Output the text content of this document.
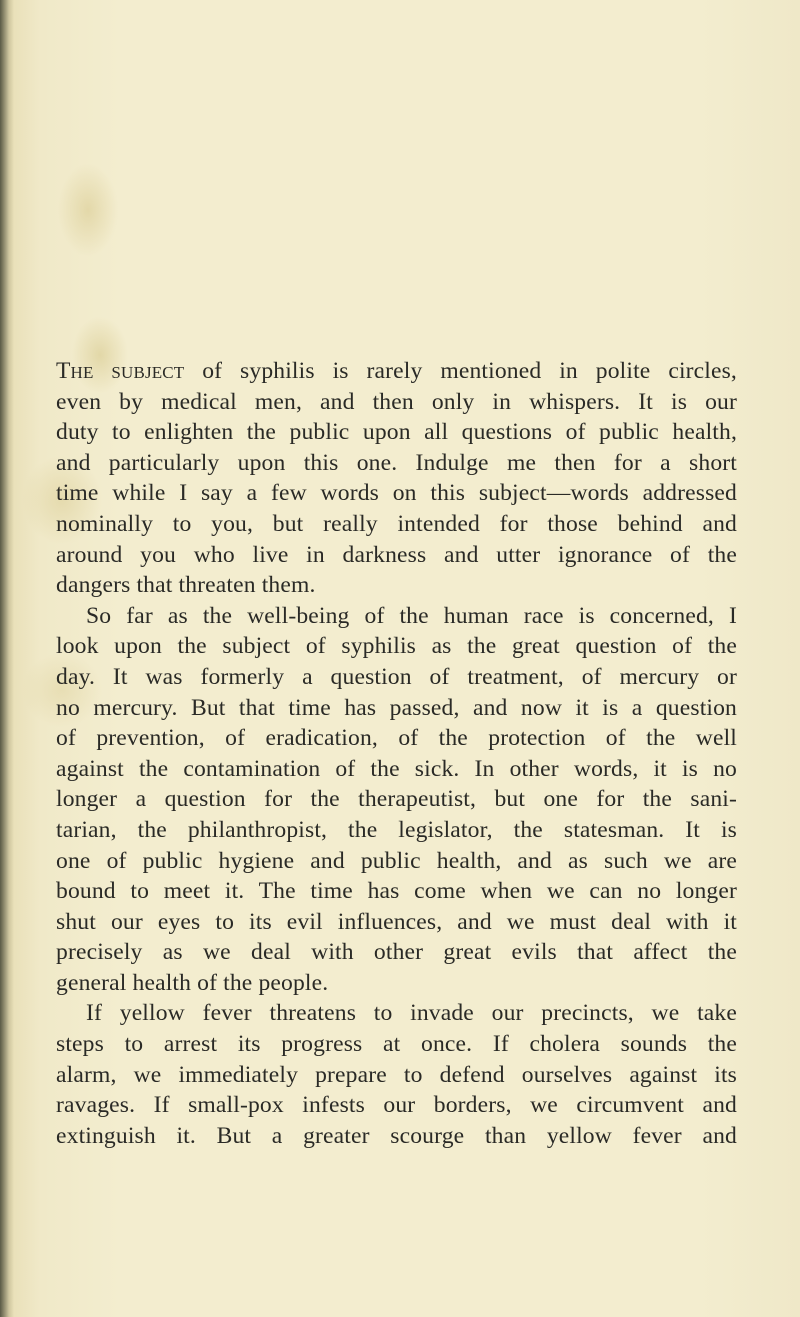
The subject of syphilis is rarely mentioned in polite circles,
even by medical men, and then only in whispers. It is our
duty to enlighten the public upon all questions of public health,
and particularly upon this one. Indulge me then for a short
time while I say a few words on this subject—words addressed
nominally to you, but really intended for those behind and
around you who live in darkness and utter ignorance of the
dangers that threaten them.
So far as the well-being of the human race is concerned, I
look upon the subject of syphilis as the great question of the
day. It was formerly a question of treatment, of mercury or
no mercury. But that time has passed, and now it is a question
of prevention, of eradication, of the protection of the well
against the contamination of the sick. In other words, it is no
longer a question for the therapeutist, but one for the sani-
tarian, the philanthropist, the legislator, the statesman. It is
one of public hygiene and public health, and as such we are
bound to meet it. The time has come when we can no longer
shut our eyes to its evil influences, and we must deal with it
precisely as we deal with other great evils that affect the
general health of the people.
If yellow fever threatens to invade our precincts, we take
steps to arrest its progress at once. If cholera sounds the
alarm, we immediately prepare to defend ourselves against its
ravages. If small-pox infests our borders, we circumvent and
extinguish it. But a greater scourge than yellow fever and
